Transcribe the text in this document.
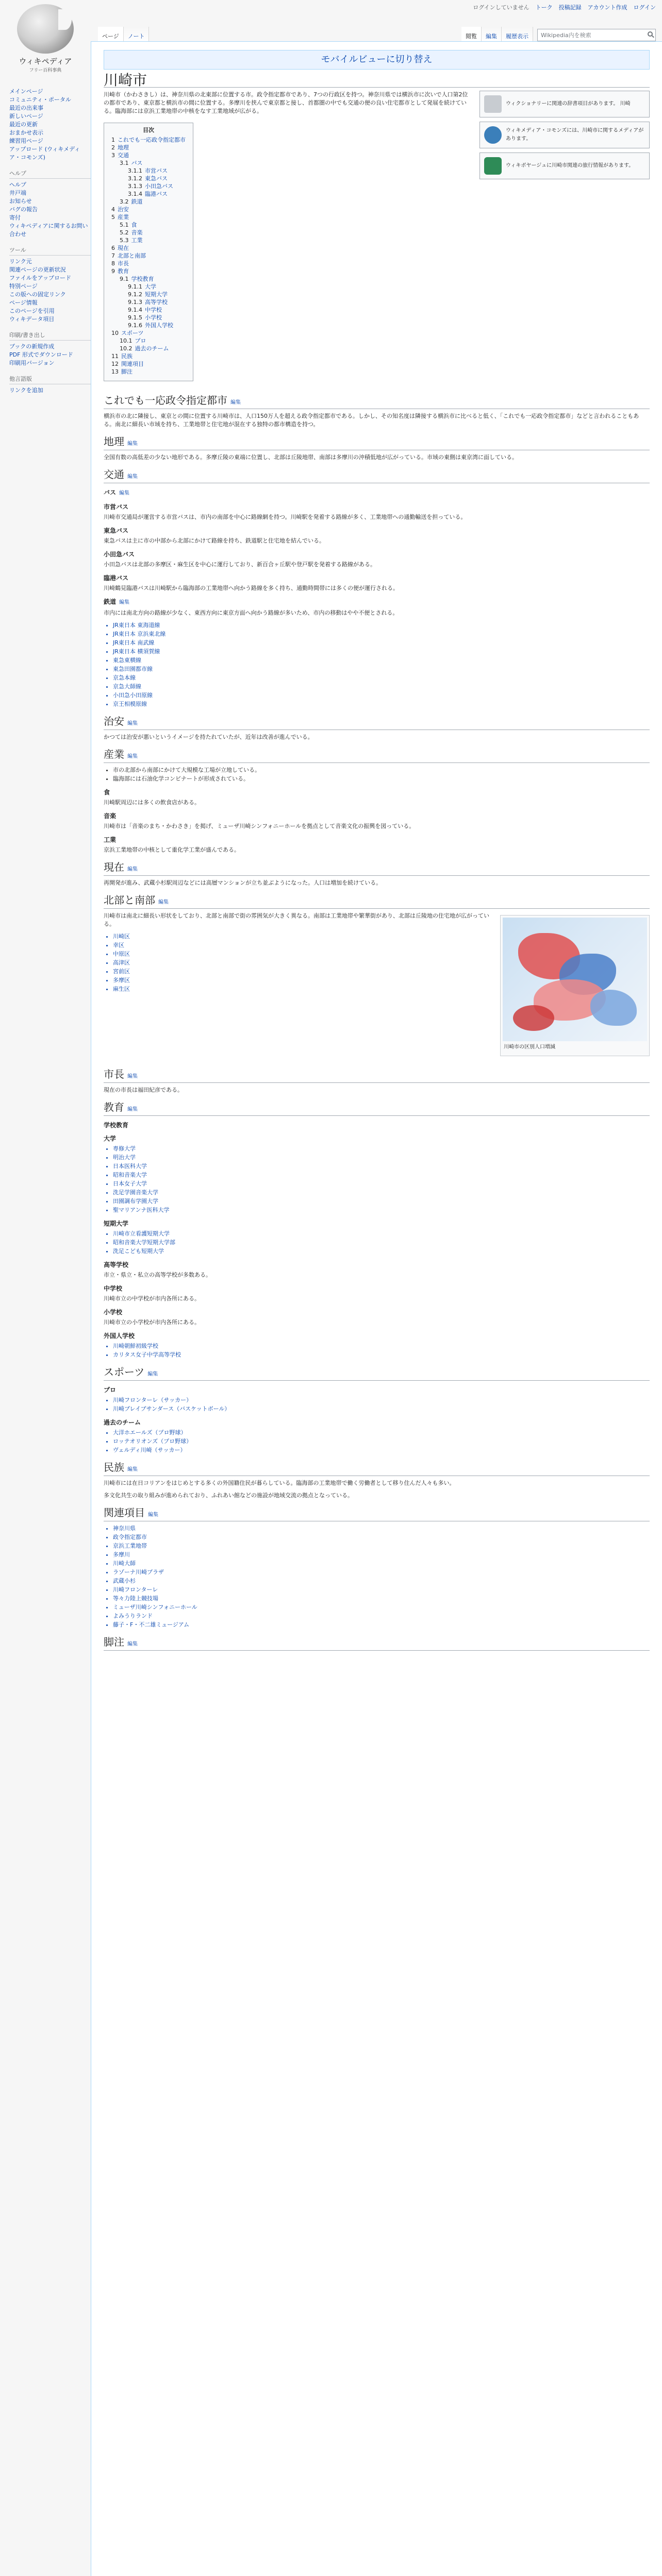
ログインしていません トーク 投稿記録 アカウント作成 ログイン
ウィキペディア
フリー百科事典
ページ	ノート	閲覧	編集	履歴表示	Wikipedia内を検索
メインページ
コミュニティ・ポータル
最近の出来事
新しいページ
最近の更新
おまかせ表示
練習用ページ
アップロード (ウィキメディア・コモンズ)
ヘルプ
ヘルプ
井戸端
お知らせ
バグの報告
寄付
ウィキペディアに関するお問い合わせ
ツール
リンク元
関連ページの更新状況
ファイルをアップロード
特別ページ
この版への固定リンク
ページ情報
このページを引用
ウィキデータ項目
印刷/書き出し
ブックの新規作成
PDF 形式でダウンロード
印刷用バージョン
他言語版
リンクを追加
モバイルビューに切り替え
川崎市
ウィクショナリーに関連の辞書項目があります。 川崎
ウィキメディア・コモンズには、川崎市に関するメディアがあります。
ウィキボヤージュに川崎市関連の旅行情報があります。

川崎市（かわさきし）は、神奈川県の北東部に位置する市。政令指定都市であり、7つの行政区を持つ。神奈川県では横浜市に次いで人口第2位の都市であり、東京都と横浜市の間に位置する。多摩川を挟んで東京都と接し、首都圏の中でも交通の便の良い住宅都市として発展を続けている。臨海部には京浜工業地帯の中核をなす工業地域が広がる。

目次
1 これでも一応政令指定都市
2 地理
3 交通
3.1 バス
3.1.1 市営バス
3.1.2 東急バス
3.1.3 小田急バス
3.1.4 臨港バス
3.2 鉄道
4 治安
5 産業
5.1 食
5.2 音楽
5.3 工業
6 現在
7 北部と南部
8 市長
9 教育
9.1 学校教育
9.1.1 大学
9.1.2 短期大学
9.1.3 高等学校
9.1.4 中学校
9.1.5 小学校
9.1.6 外国人学校
10 スポーツ
10.1 プロ
10.2 過去のチーム
11 民族
12 関連項目
13 脚注
これでも一応政令指定都市 編集

横浜市の北に隣接し、東京との間に位置する川崎市は、人口150万人を超える政令指定都市である。しかし、その知名度は隣接する横浜市に比べると低く、「これでも一応政令指定都市」などと言われることもある。南北に細長い市域を持ち、工業地帯と住宅地が混在する独特の都市構造を持つ。

地理 編集

全国有数の高低差の少ない地形である。多摩丘陵の東端に位置し、北部は丘陵地帯、南部は多摩川の沖積低地が広がっている。市域の東側は東京湾に面している。

交通 編集
バス 編集
市営バス

川崎市交通局が運営する市営バスは、市内の南部を中心に路線網を持つ。川崎駅を発着する路線が多く、工業地帯への通勤輸送を担っている。

東急バス

東急バスは主に市の中部から北部にかけて路線を持ち、鉄道駅と住宅地を結んでいる。

小田急バス

小田急バスは北部の多摩区・麻生区を中心に運行しており、新百合ヶ丘駅や登戸駅を発着する路線がある。

臨港バス

川崎鶴見臨港バスは川崎駅から臨海部の工業地帯へ向かう路線を多く持ち、通勤時間帯には多くの便が運行される。

鉄道 編集

市内には南北方向の路線が少なく、東西方向に東京方面へ向かう路線が多いため、市内の移動はやや不便とされる。

• JR東日本 東海道線
• JR東日本 京浜東北線
• JR東日本 南武線
• JR東日本 横須賀線
• 東急東横線
• 東急田園都市線
• 京急本線
• 京急大師線
• 小田急小田原線
• 京王相模原線
治安 編集

かつては治安が悪いというイメージを持たれていたが、近年は改善が進んでいる。

産業 編集
• 市の北部から南部にかけて大規模な工場が立地している。
• 臨海部には石油化学コンビナートが形成されている。
食

川崎駅周辺には多くの飲食店がある。

音楽

川崎市は「音楽のまち・かわさき」を掲げ、ミューザ川崎シンフォニーホールを拠点として音楽文化の振興を図っている。

工業

京浜工業地帯の中核として重化学工業が盛んである。

現在 編集

再開発が進み、武蔵小杉駅周辺などには高層マンションが立ち並ぶようになった。人口は増加を続けている。

北部と南部 編集
川崎市の区別人口増減

川崎市は南北に細長い形状をしており、北部と南部で街の雰囲気が大きく異なる。南部は工業地帯や繁華街があり、北部は丘陵地の住宅地が広がっている。

• 川崎区
• 幸区
• 中原区
• 高津区
• 宮前区
• 多摩区
• 麻生区
市長 編集

現在の市長は福田紀彦である。

教育 編集
学校教育
大学
• 専修大学
• 明治大学
• 日本医科大学
• 昭和音楽大学
• 日本女子大学
• 洗足学園音楽大学
• 田園調布学園大学
• 聖マリアンナ医科大学
短期大学
• 川崎市立看護短期大学
• 昭和音楽大学短期大学部
• 洗足こども短期大学
高等学校

市立・県立・私立の高等学校が多数ある。

中学校

川崎市立の中学校が市内各所にある。

小学校

川崎市立の小学校が市内各所にある。

外国人学校
• 川崎朝鮮初級学校
• カリタス女子中学高等学校
スポーツ 編集
プロ
• 川崎フロンターレ（サッカー）
• 川崎ブレイブサンダース（バスケットボール）
過去のチーム
• 大洋ホエールズ（プロ野球）
• ロッテオリオンズ（プロ野球）
• ヴェルディ川崎（サッカー）
民族 編集

川崎市には在日コリアンをはじめとする多くの外国籍住民が暮らしている。臨海部の工業地帯で働く労働者として移り住んだ人々も多い。

多文化共生の取り組みが進められており、ふれあい館などの施設が地域交流の拠点となっている。

関連項目 編集
• 神奈川県
• 政令指定都市
• 京浜工業地帯
• 多摩川
• 川崎大師
• ラゾーナ川崎プラザ
• 武蔵小杉
• 川崎フロンターレ
• 等々力陸上競技場
• ミューザ川崎シンフォニーホール
• よみうりランド
• 藤子・F・不二雄ミュージアム
脚注 編集
